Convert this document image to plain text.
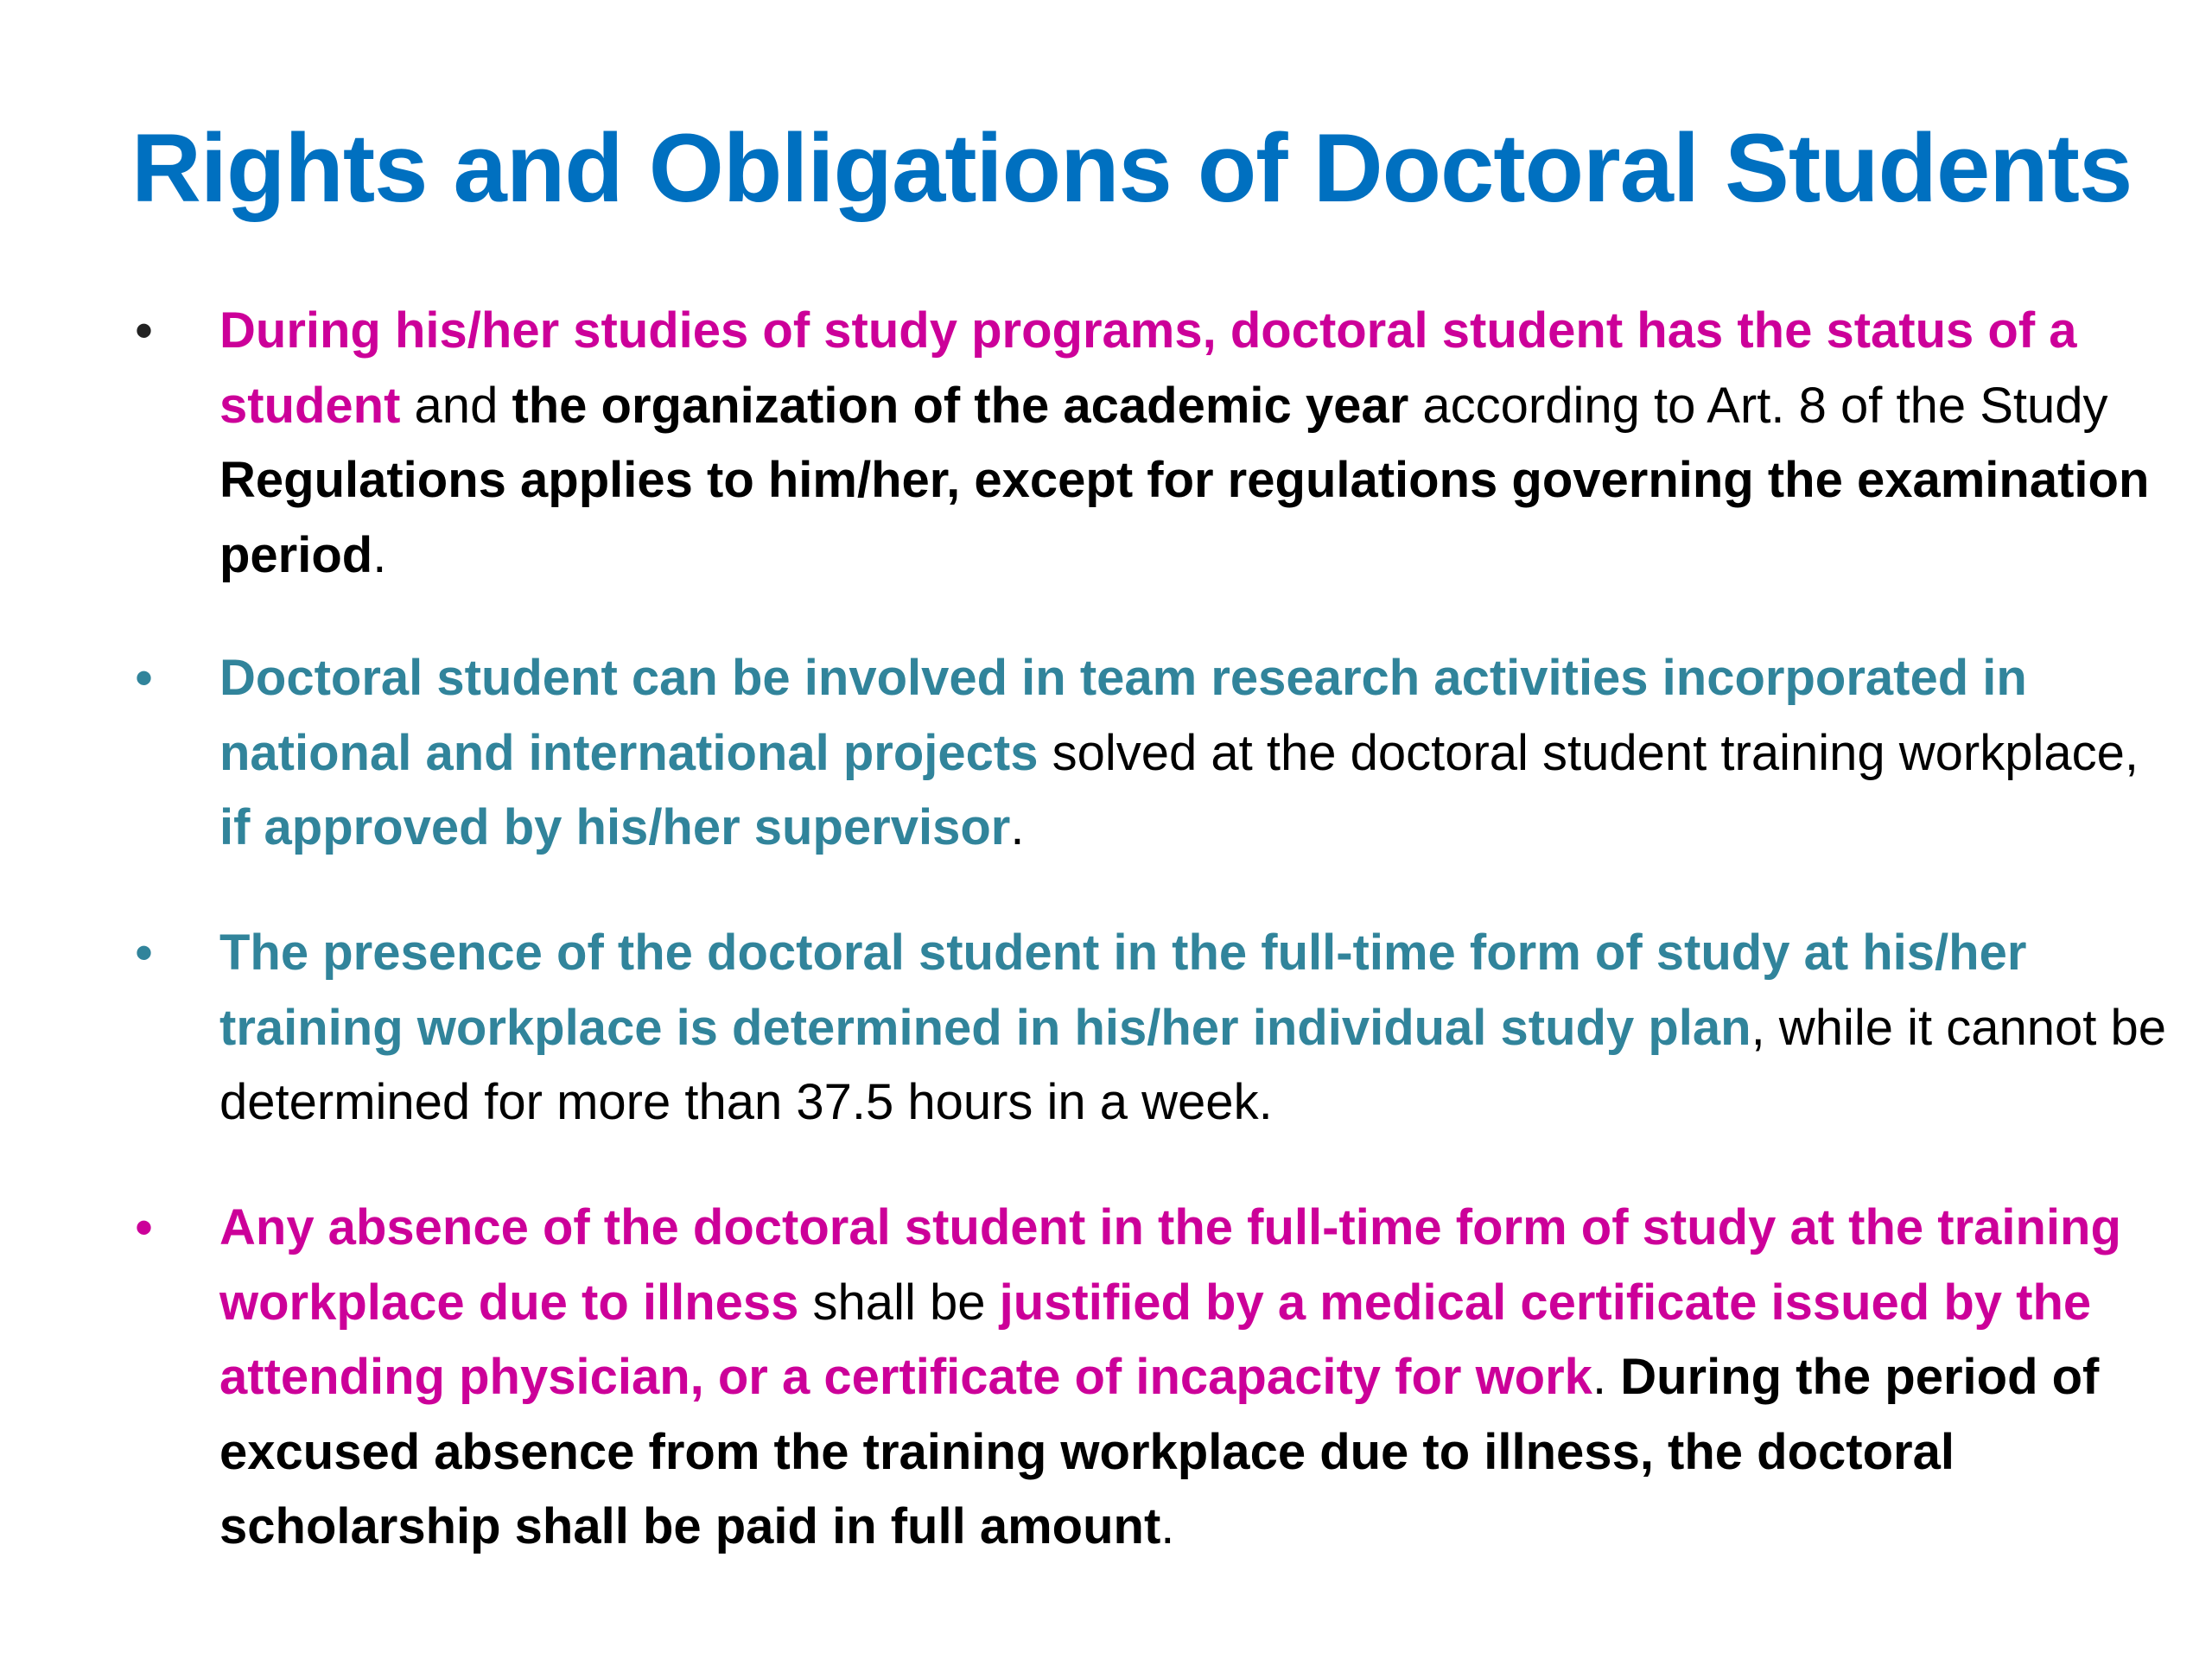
Rights and Obligations of Doctoral Students
• During his/her studies of study programs, doctoral student has the status of a student and the organization of the academic year according to Art. 8 of the Study Regulations applies to him/her, except for regulations governing the examination period.

• Doctoral student can be involved in team research activities incorporated in national and international projects solved at the doctoral student training workplace, if approved by his/her supervisor.

• The presence of the doctoral student in the full-time form of study at his/her training workplace is determined in his/her individual study plan, while it cannot be determined for more than 37.5 hours in a week.

• Any absence of the doctoral student in the full-time form of study at the training workplace due to illness shall be justified by a medical certificate issued by the attending physician, or a certificate of incapacity for work. During the period of excused absence from the training workplace due to illness, the doctoral scholarship shall be paid in full amount.
